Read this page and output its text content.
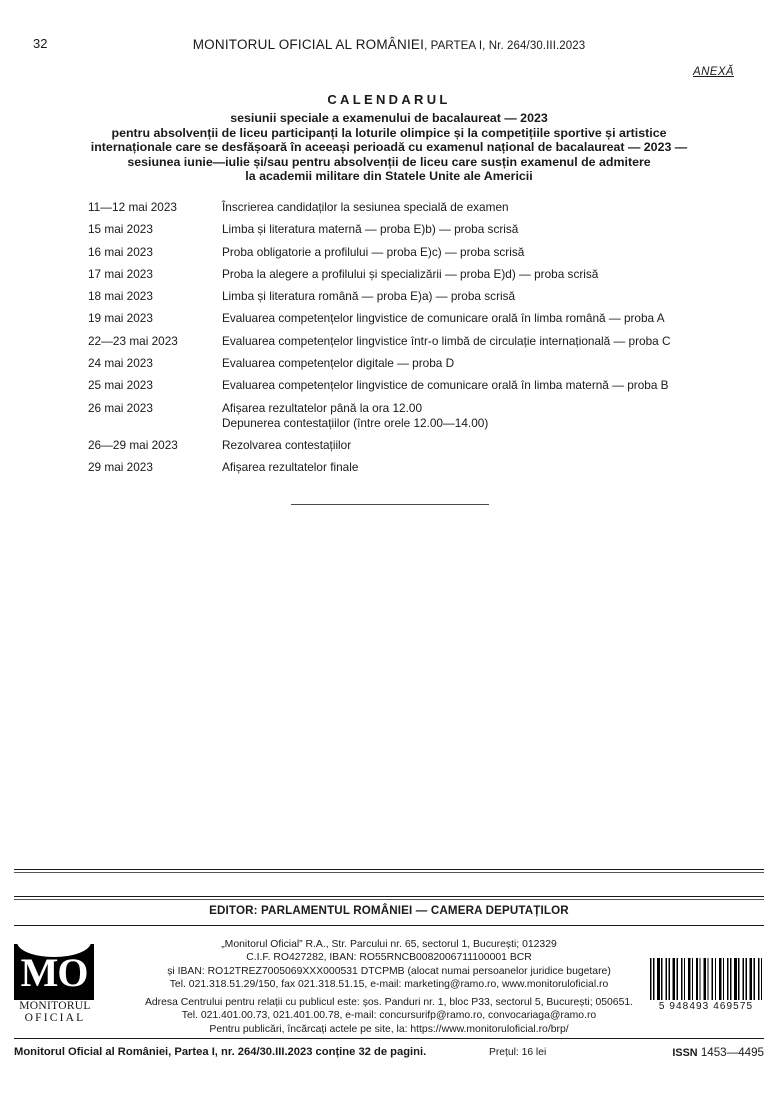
32	MONITORUL OFICIAL AL ROMÂNIEI, PARTEA I, Nr. 264/30.III.2023
ANEXĂ
CALENDARUL
sesiunii speciale a examenului de bacalaureat — 2023
pentru absolvenții de liceu participanți la loturile olimpice și la competițiile sportive și artistice
internaționale care se desfășoară în aceeași perioadă cu examenul național de bacalaureat — 2023 —
sesiunea iunie—iulie și/sau pentru absolvenții de liceu care susțin examenul de admitere
la academii militare din Statele Unite ale Americii
11—12 mai 2023	Înscrierea candidaților la sesiunea specială de examen
15 mai 2023	Limba și literatura maternă — proba E)b) — proba scrisă
16 mai 2023	Proba obligatorie a profilului — proba E)c) — proba scrisă
17 mai 2023	Proba la alegere a profilului și specializării — proba E)d) — proba scrisă
18 mai 2023	Limba și literatura română — proba E)a) — proba scrisă
19 mai 2023	Evaluarea competențelor lingvistice de comunicare orală în limba română — proba A
22—23 mai 2023	Evaluarea competențelor lingvistice într-o limbă de circulație internațională — proba C
24 mai 2023	Evaluarea competențelor digitale — proba D
25 mai 2023	Evaluarea competențelor lingvistice de comunicare orală în limba maternă — proba B
26 mai 2023	Afișarea rezultatelor până la ora 12.00
Depunerea contestațiilor (între orele 12.00—14.00)
26—29 mai 2023	Rezolvarea contestațiilor
29 mai 2023	Afișarea rezultatelor finale
EDITOR: PARLAMENTUL ROMÂNIEI — CAMERA DEPUTAȚILOR
MO
MONITORUL
OFICIAL
„Monitorul Oficial” R.A., Str. Parcului nr. 65, sectorul 1, București; 012329
C.I.F. RO427282, IBAN: RO55RNCB0082006711100001 BCR
și IBAN: RO12TREZ7005069XXX000531 DTCPMB (alocat numai persoanelor juridice bugetare)
Tel. 021.318.51.29/150, fax 021.318.51.15, e-mail: marketing@ramo.ro, www.monitoruloficial.ro
Adresa Centrului pentru relații cu publicul este: șos. Panduri nr. 1, bloc P33, sectorul 5, București; 050651.
Tel. 021.401.00.73, 021.401.00.78, e-mail: concursurifp@ramo.ro, convocariaga@ramo.ro
Pentru publicări, încărcați actele pe site, la: https://www.monitoruloficial.ro/brp/
5 948493 469575
Monitorul Oficial al României, Partea I, nr. 264/30.III.2023 conține 32 de pagini.	Prețul: 16 lei	ISSN 1453—4495
